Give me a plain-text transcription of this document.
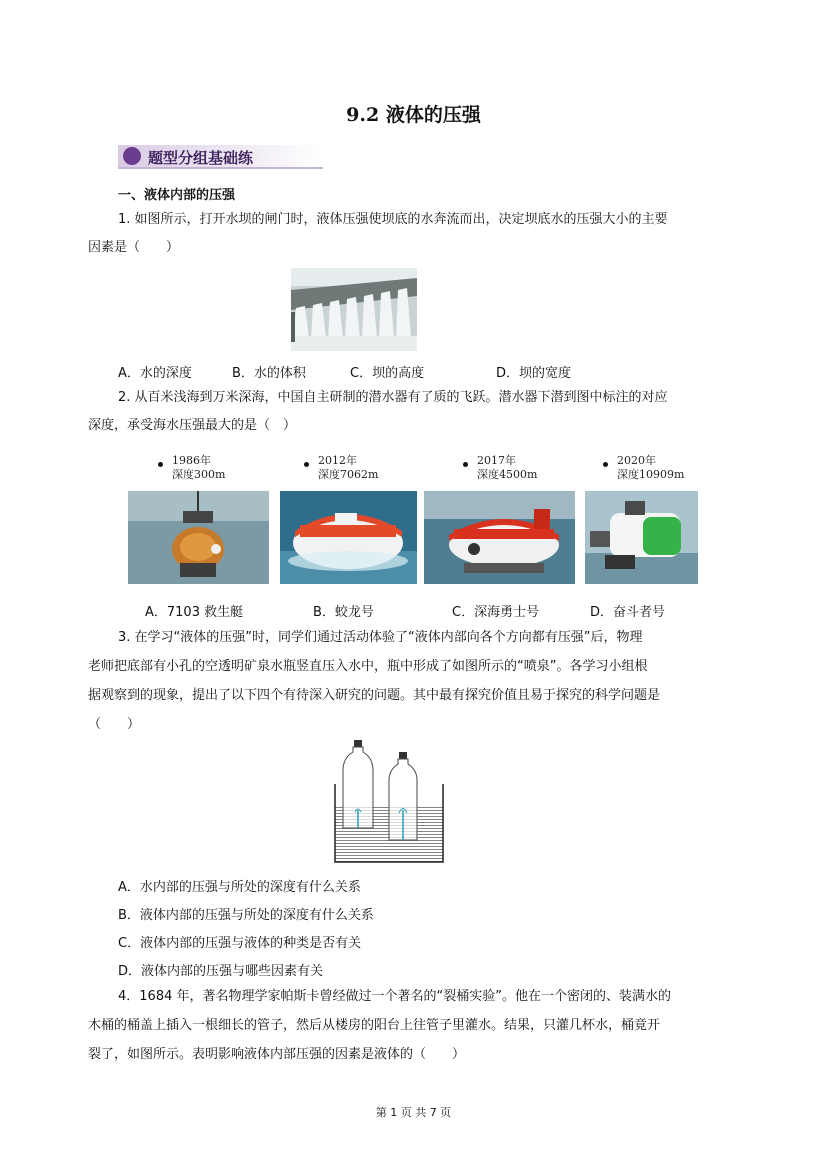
9.2 液体的压强
题型分组基础练
一、液体内部的压强
1. 如图所示，打开水坝的闸门时，液体压强使坝底的水奔流而出，决定坝底水的压强大小的主要
因素是（　　）
A．水的深度	B．水的体积	C．坝的高度	D．坝的宽度
2. 从百米浅海到万米深海，中国自主研制的潜水器有了质的飞跃。潜水器下潜到图中标注的对应
深度，承受海水压强最大的是（　）
1986年
深度300m
2012年
深度7062m
2017年
深度4500m
2020年
深度10909m
A．7103 救生艇	B．蛟龙号	C．深海勇士号	D．奋斗者号
3. 在学习“液体的压强”时，同学们通过活动体验了“液体内部向各个方向都有压强”后，物理
老师把底部有小孔的空透明矿泉水瓶竖直压入水中，瓶中形成了如图所示的“喷泉”。各学习小组根
据观察到的现象，提出了以下四个有待深入研究的问题。其中最有探究价值且易于探究的科学问题是
（　　）
A．水内部的压强与所处的深度有什么关系
B．液体内部的压强与所处的深度有什么关系
C．液体内部的压强与液体的种类是否有关
D．液体内部的压强与哪些因素有关
4．1684 年，著名物理学家帕斯卡曾经做过一个著名的“裂桶实验”。他在一个密闭的、装满水的
木桶的桶盖上插入一根细长的管子，然后从楼房的阳台上往管子里灌水。结果，只灌几杯水，桶竟开
裂了，如图所示。表明影响液体内部压强的因素是液体的（　　）
第 1 页 共 7 页
